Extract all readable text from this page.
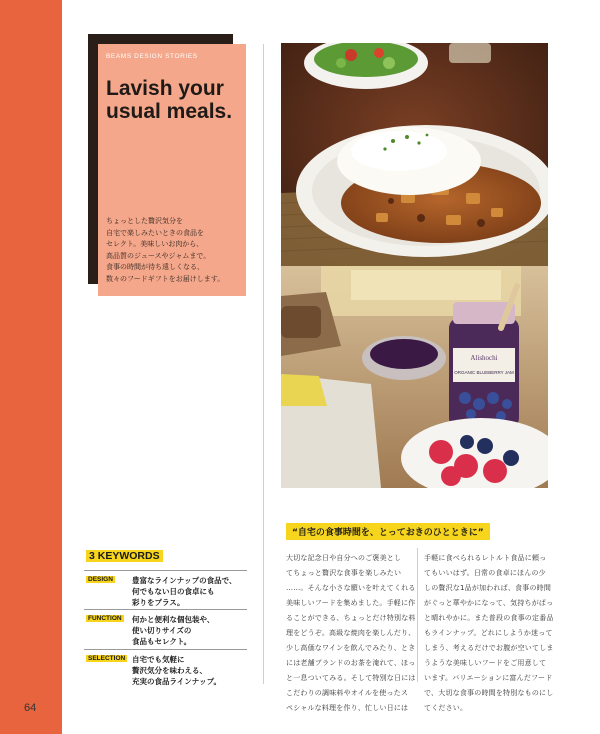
64
BEAMS DESIGN STORIES
Lavish your usual meals.
ちょっとした贅沢気分を
自宅で楽しみたいときの食品を
セレクト。美味しいお肉から、
高品質のジュースやジャムまで。
食事の時間が待ち遠しくなる、
数々のフードギフトをお届けします。
Alishochi
ORGANIC BLUEBERRY JAM
“自宅の食事時間を、とっておきのひとときに”
3 KEYWORDS
DESIGN	豊富なラインナップの食品で、
何でもない日の食卓にも
彩りをプラス。
FUNCTION 何かと便利な個包装や、
使い切りサイズの
食品もセレクト。
SELECTION 自宅でも気軽に
贅沢気分を味わえる、
充実の食品ラインナップ。
大切な記念日や自分へのご褒美とし
てちょっと贅沢な食事を楽しみたい
……。そんな小さな願いを叶えてくれる
美味しいフードを集めました。手軽に作
ることができる、ちょっとだけ特別な料
理をどうぞ。高級な焼肉を楽しんだり、
少し高価なワインを飲んでみたり、とき
には老舗ブランドのお茶を淹れて、ほっ
と一息ついてみる。そして特別な日には
こだわりの調味料やオイルを使ったス
ペシャルな料理を作り、忙しい日には
手軽に食べられるレトルト食品に頼っ
てもいいはず。日常の食卓にほんの少
しの贅沢な1品が加われば、食事の時間
がぐっと華やかになって、気持ちがぱっ
と晴れやかに。また普段の食事の定番品
もラインナップ。どれにしようか迷って
しまう、考えるだけでお腹が空いてしま
うような美味しいフードをご用意して
います。バリエーションに富んだフード
で、大切な食事の時間を特別なものにし
てください。
